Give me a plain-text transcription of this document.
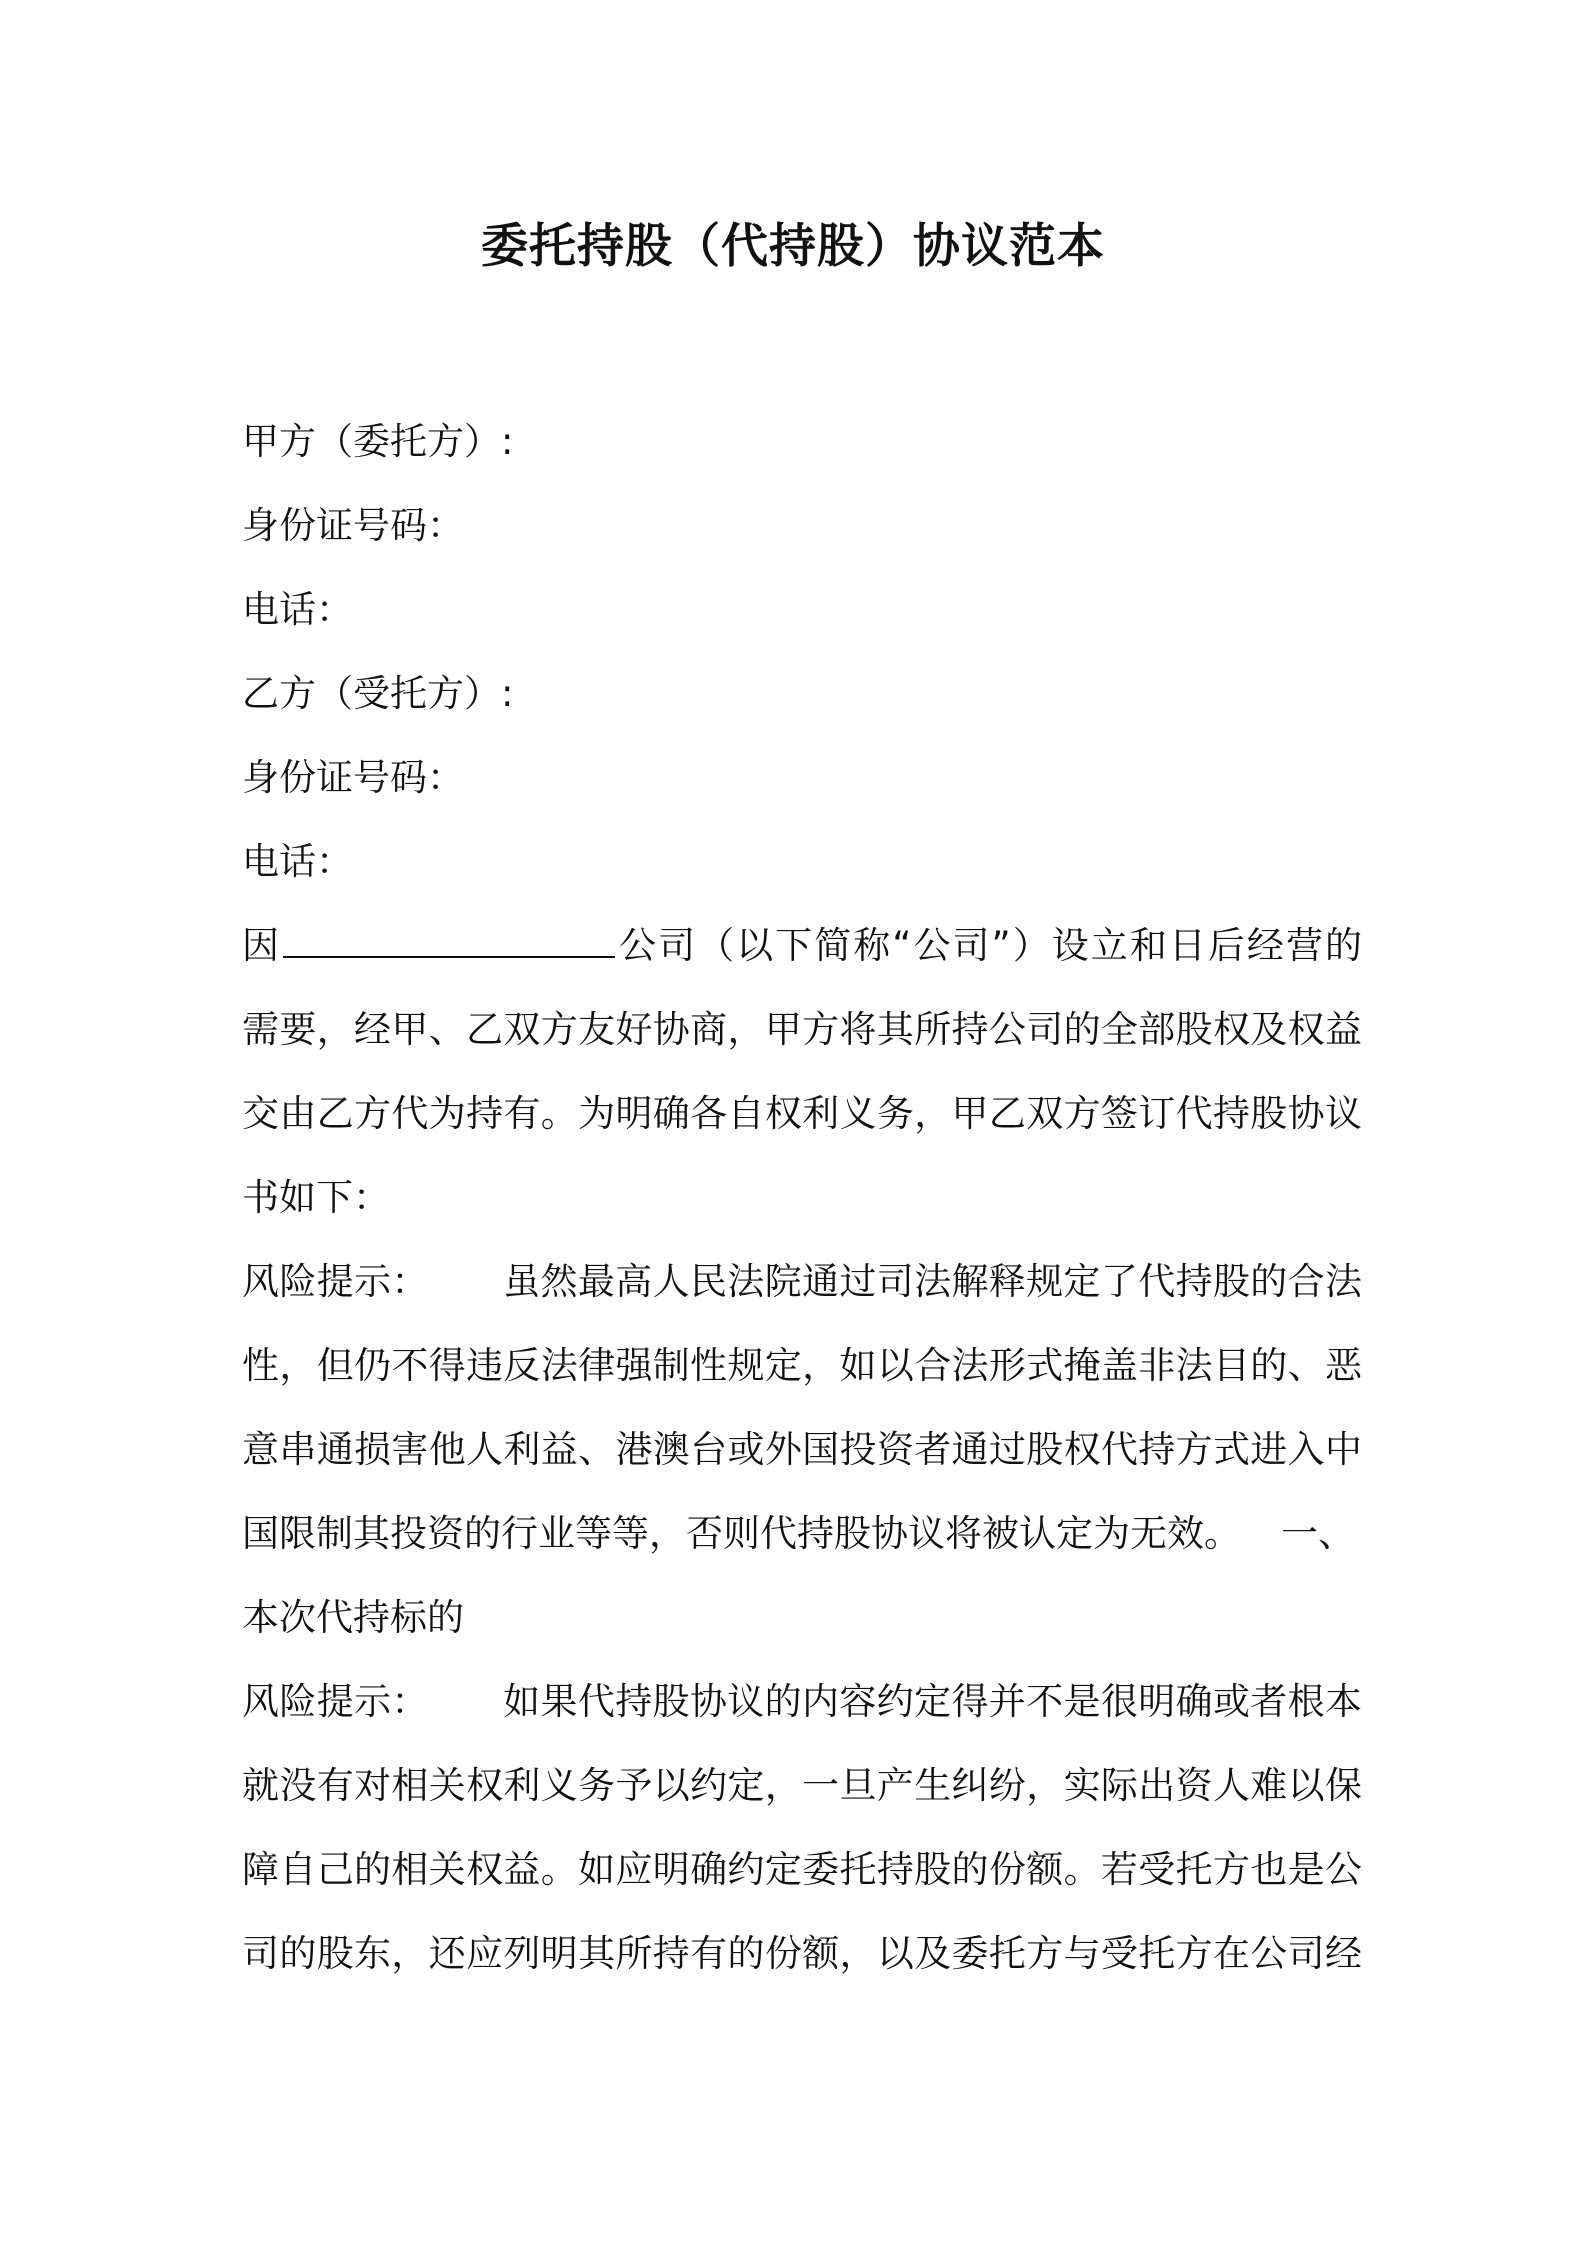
委托持股（代持股）协议范本
甲方（委托方）:
身份证号码：
电话：
乙方（受托方）:
身份证号码：
电话：
因	公司（以下简称“公司”）设立和日后经营的
需要，经甲、乙双方友好协商，甲方将其所持公司的全部股权及权益
交由乙方代为持有。为明确各自权利义务，甲乙双方签订代持股协议
书如下：
风险提示： 虽然最高人民法院通过司法解释规定了代持股的合法
性，但仍不得违反法律强制性规定，如以合法形式掩盖非法目的、恶
意串通损害他人利益、港澳台或外国投资者通过股权代持方式进入中
国限制其投资的行业等等，否则代持股协议将被认定为无效。 一、
本次代持标的
风险提示： 如果代持股协议的内容约定得并不是很明确或者根本
就没有对相关权利义务予以约定，一旦产生纠纷，实际出资人难以保
障自己的相关权益。如应明确约定委托持股的份额。若受托方也是公
司的股东，还应列明其所持有的份额，以及委托方与受托方在公司经
